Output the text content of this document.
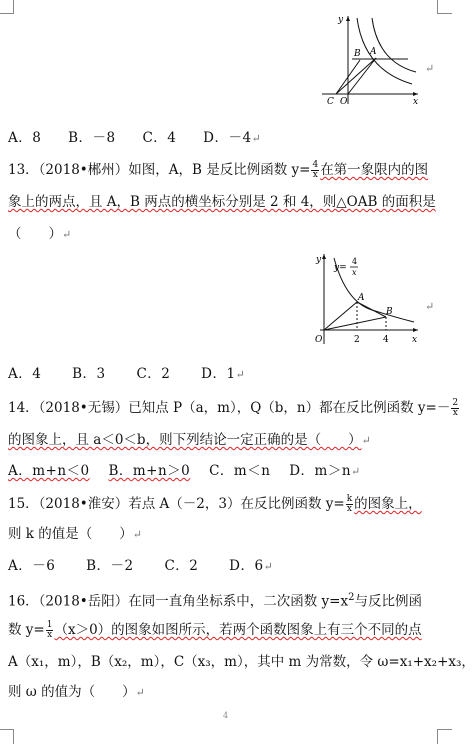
y
B A
C O	x
↵
A．8 B．－8 C．4 D．－4↵
13．（2018•郴州）如图，A，B 是反比例函数 $y= \frac{4}{x}$ 在第一象限内的图
象上的两点，且 A，B 两点的横坐标分别是 2 和 4，则△OAB 的面积是
（　　）↵
y
y=
4
x
A
B
O	2	4	x
↵
A．4 B．3 C．2 D．1↵
14．（2018•无锡）已知点 P（a，m），Q（b，n）都在反比例函数 $y=- \frac{2}{x}$
的图象上，且 a＜0＜b，则下列结论一定正确的是（　　）↵
A．m+n＜0 B．m+n＞0 C．m＜n D．m＞n↵
15．（2018•淮安）若点 A（－2，3）在反比例函数 $y= \frac{k}{x}$ 的图象上，
则 k 的值是（　　）↵
A．－6 B．－2 C．2 D．6↵
16．（2018•岳阳）在同一直角坐标系中，二次函数 $y=x^2$与反比例函
数 $y= \frac{1}{x} (x>0)$的图象如图所示，若两个函数图象上有三个不同的点
A（x₁，m），B（x₂，m），C（x₃，m），其中 m 为常数，令 ω=x₁+x₂+x₃，
则 ω 的值为（　　）↵
4
